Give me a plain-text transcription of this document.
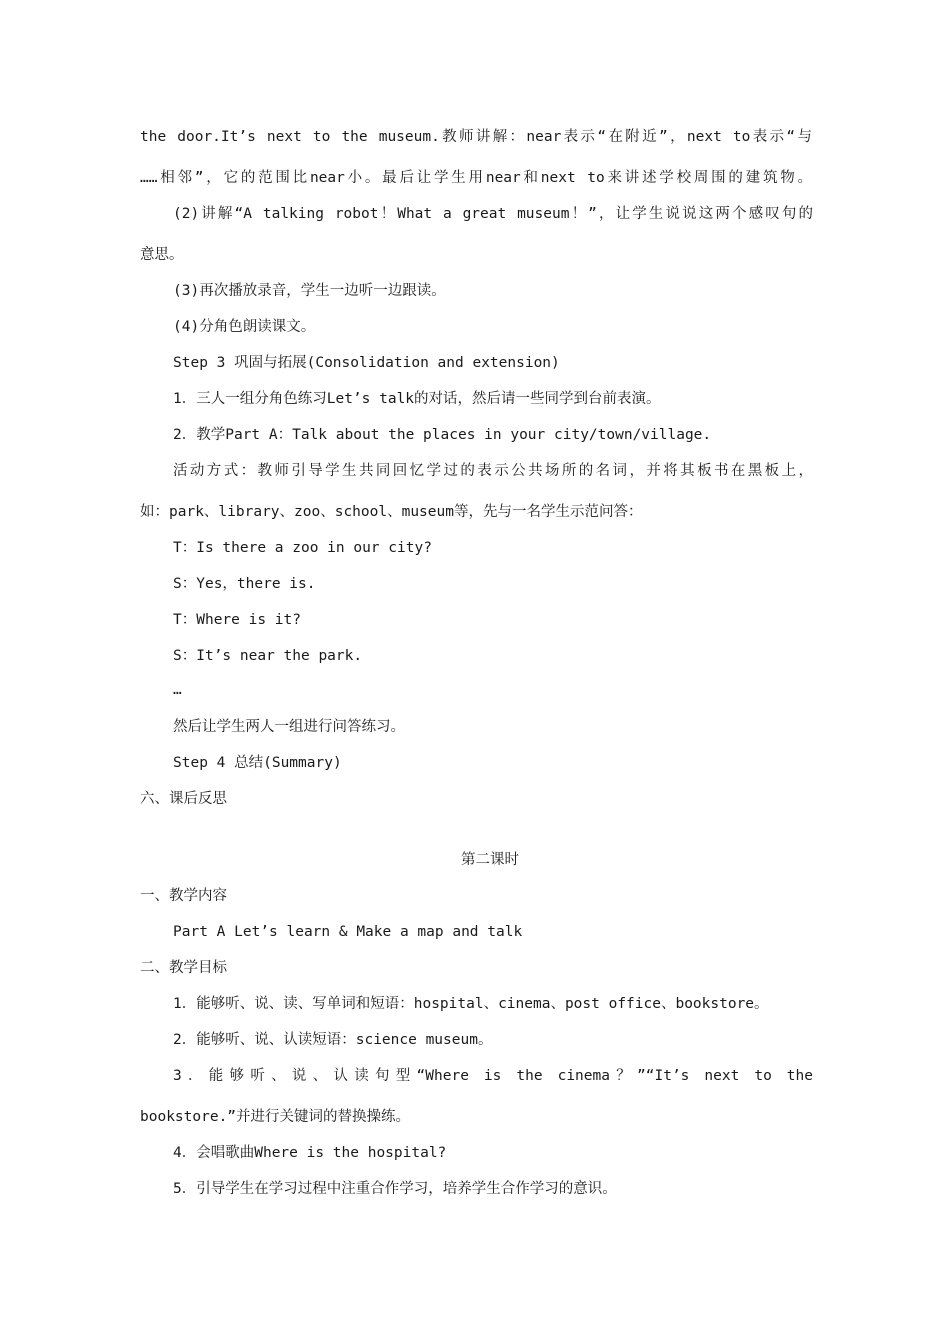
the door.It’s next to the museum.教师讲解：near表示“在附近”，next to表示“与
……相邻”，它的范围比near小。最后让学生用near和next to来讲述学校周围的建筑物。
(2)讲解“A talking robot！What a great museum！”，让学生说说这两个感叹句的
意思。
(3)再次播放录音，学生一边听一边跟读。
(4)分角色朗读课文。
Step 3 巩固与拓展(Consolidation and extension)
1．三人一组分角色练习Let’s talk的对话，然后请一些同学到台前表演。
2．教学Part A：Talk about the places in your city/town/village.
活动方式：教师引导学生共同回忆学过的表示公共场所的名词，并将其板书在黑板上，
如：park、library、zoo、school、museum等，先与一名学生示范问答：
T：Is there a zoo in our city?
S：Yes，there is.
T：Where is it?
S：It’s near the park.
…
然后让学生两人一组进行问答练习。
Step 4 总结(Summary)
六、课后反思
第二课时
一、教学内容
Part A Let’s learn & Make a map and talk
二、教学目标
1．能够听、说、读、写单词和短语：hospital、cinema、post office、bookstore。
2．能够听、说、认读短语：science museum。
3．能够听、说、认读句型“Where is the cinema？”“It’s next to the
bookstore.”并进行关键词的替换操练。
4．会唱歌曲Where is the hospital?
5．引导学生在学习过程中注重合作学习，培养学生合作学习的意识。
